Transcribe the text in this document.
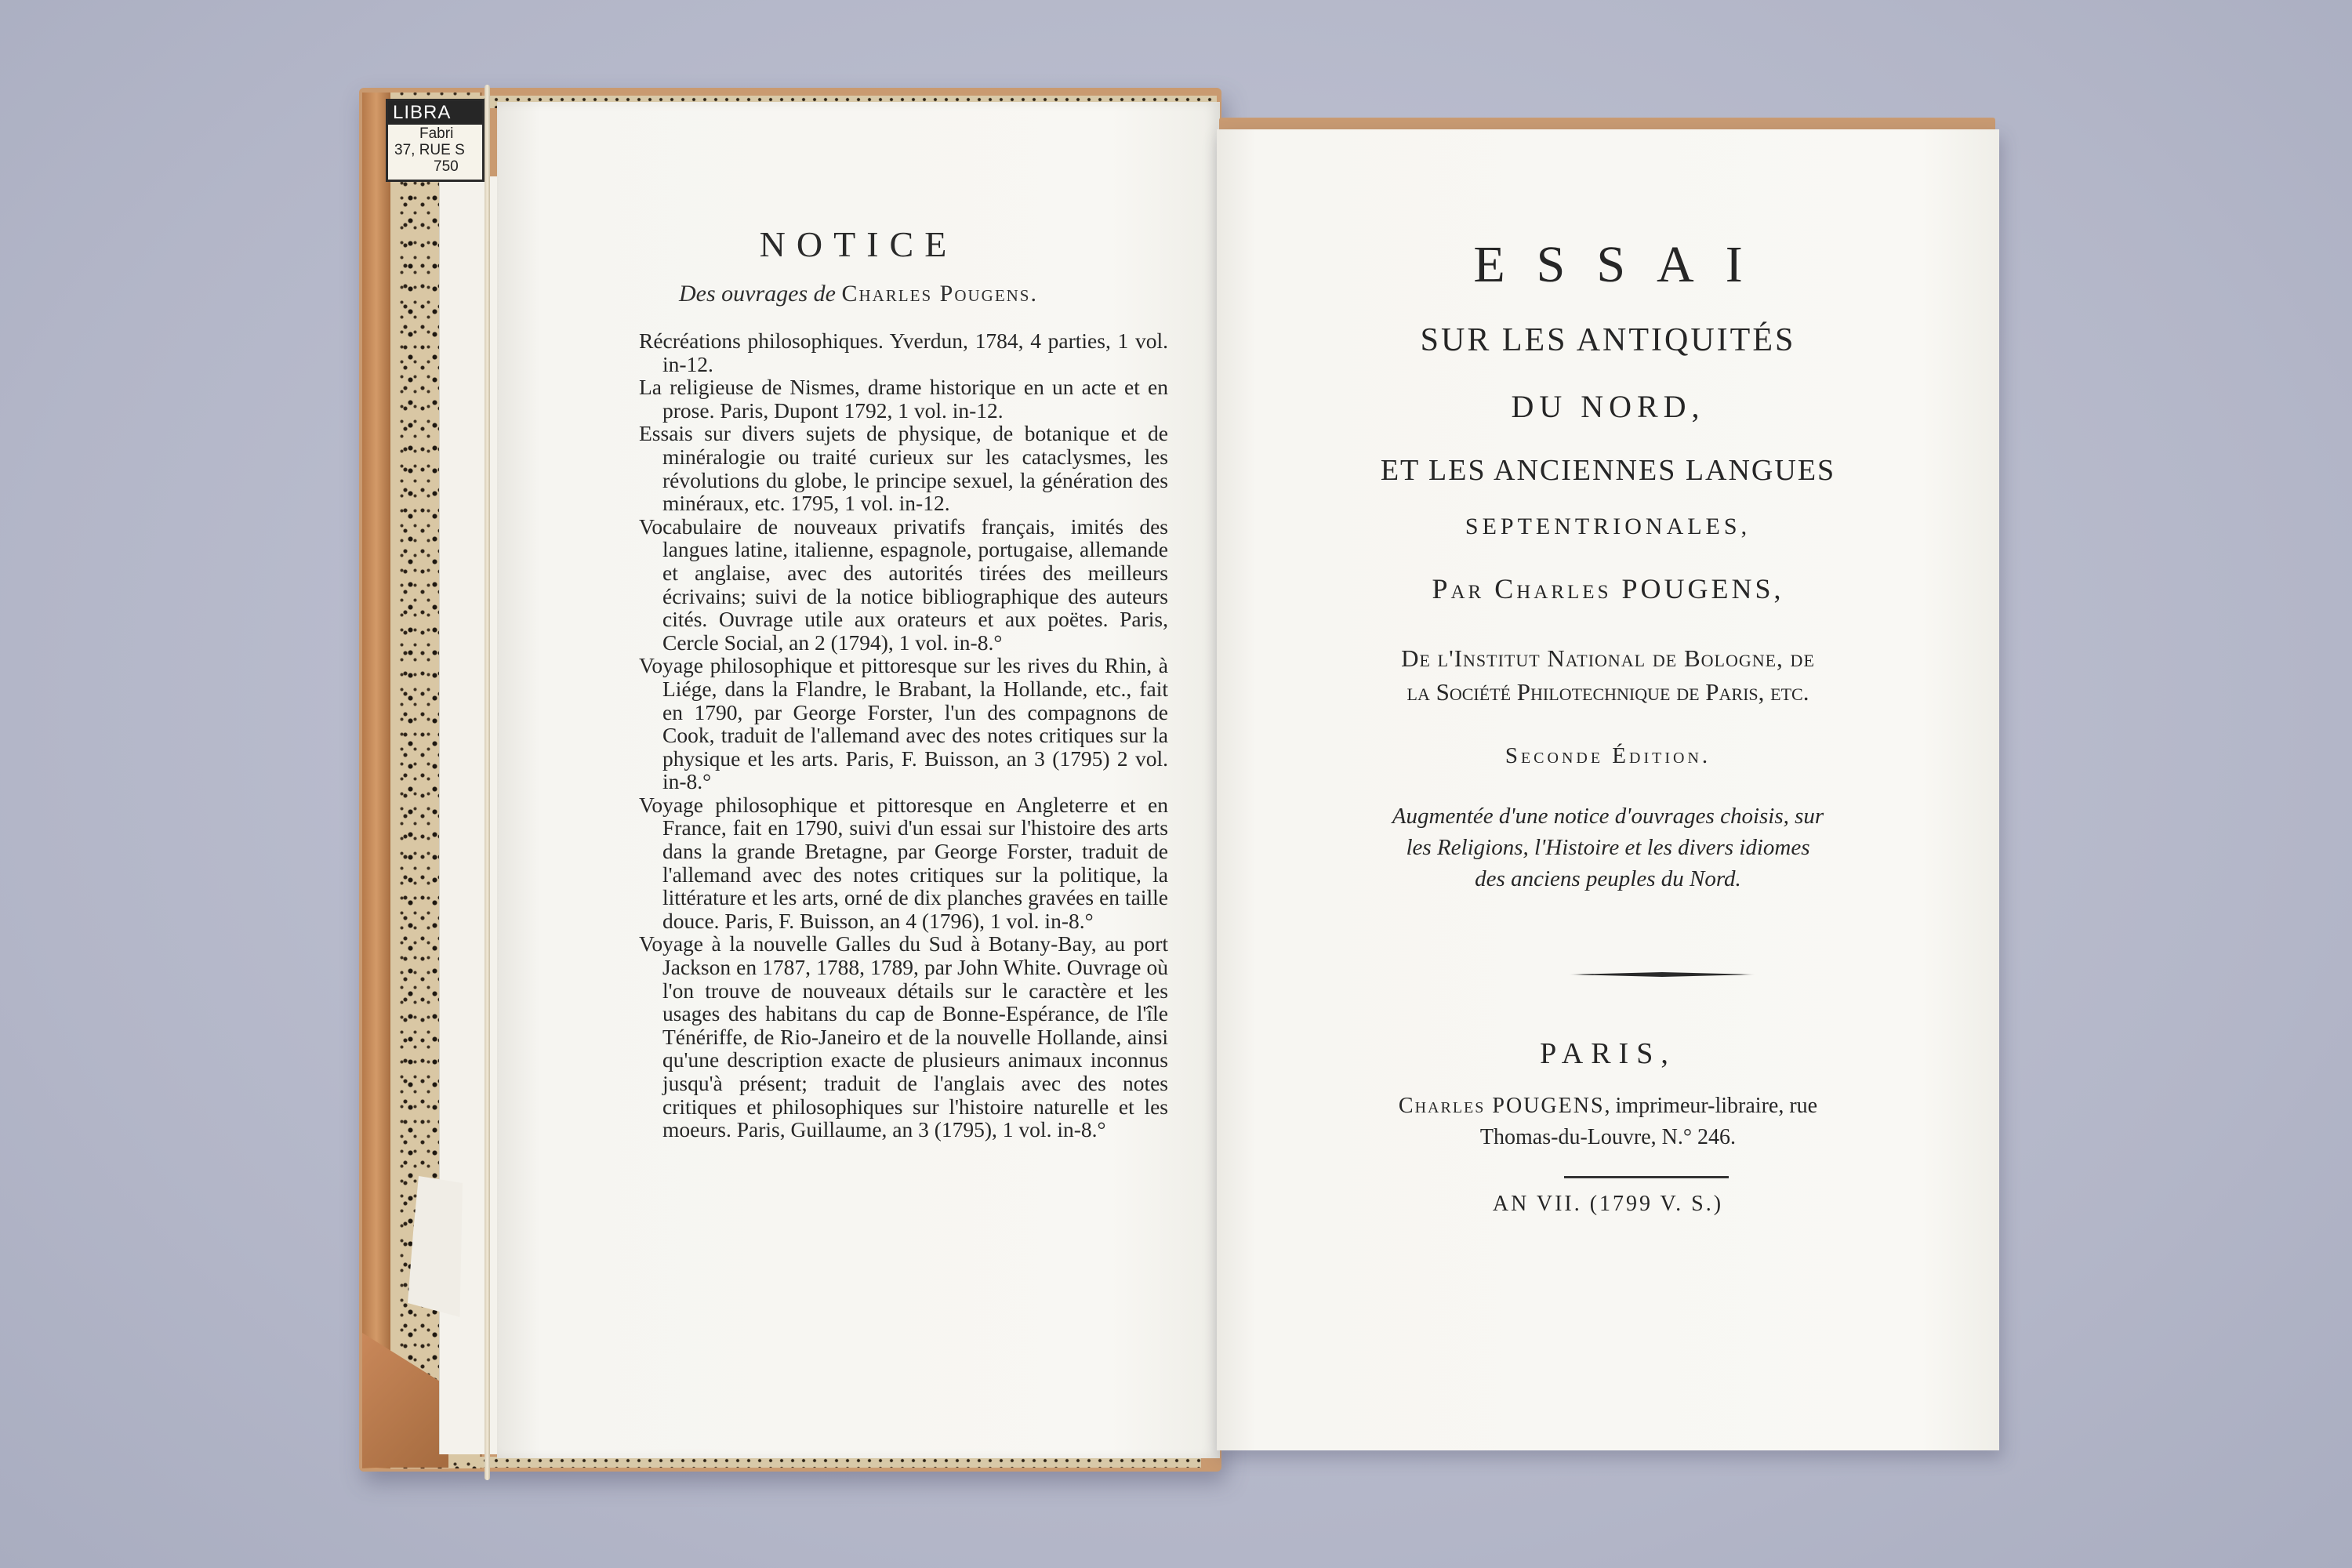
LIBRA
Fabri
37, RUE S
750
NOTICE
Des ouvrages de Charles Pougens.
Récréations philosophiques. Yverdun, 1784, 4 parties, 1 vol. in-12.
La religieuse de Nismes, drame historique en un acte et en prose. Paris, Dupont 1792, 1 vol. in-12.
Essais sur divers sujets de physique, de botanique et de minéralogie ou traité curieux sur les cataclysmes, les révolutions du globe, le principe sexuel, la génération des minéraux, etc. 1795, 1 vol. in-12.
Vocabulaire de nouveaux privatifs français, imités des langues latine, italienne, espagnole, portugaise, allemande et anglaise, avec des autorités tirées des meilleurs écrivains; suivi de la notice bibliographique des auteurs cités. Ouvrage utile aux orateurs et aux poëtes. Paris, Cercle Social, an 2 (1794), 1 vol. in-8.°
Voyage philosophique et pittoresque sur les rives du Rhin, à Liége, dans la Flandre, le Brabant, la Hollande, etc., fait en 1790, par George Forster, l'un des compagnons de Cook, traduit de l'allemand avec des notes critiques sur la physique et les arts. Paris, F. Buisson, an 3 (1795) 2 vol. in-8.°
Voyage philosophique et pittoresque en Angleterre et en France, fait en 1790, suivi d'un essai sur l'histoire des arts dans la grande Bretagne, par George Forster, traduit de l'allemand avec des notes critiques sur la politique, la littérature et les arts, orné de dix planches gravées en taille douce. Paris, F. Buisson, an 4 (1796), 1 vol. in-8.°
Voyage à la nouvelle Galles du Sud à Botany-Bay, au port Jackson en 1787, 1788, 1789, par John White. Ouvrage où l'on trouve de nouveaux détails sur le caractère et les usages des habitans du cap de Bonne-Espérance, de l'île Ténériffe, de Rio-Janeiro et de la nouvelle Hollande, ainsi qu'une description exacte de plusieurs animaux inconnus jusqu'à présent; traduit de l'anglais avec des notes critiques et philosophiques sur l'histoire naturelle et les moeurs. Paris, Guillaume, an 3 (1795), 1 vol. in-8.°

ESSAI

SUR LES ANTIQUITÉS

DU NORD,

ET LES ANCIENNES LANGUES

SEPTENTRIONALES,

Par Charles POUGENS,

De l'Institut National de Bologne, de

la Société Philotechnique de Paris, etc.

Seconde Édition.

Augmentée d'une notice d'ouvrages choisis, sur

les Religions, l'Histoire et les divers idiomes

des anciens peuples du Nord.

PARIS,

Charles POUGENS, imprimeur-libraire, rue

Thomas-du-Louvre, N.° 246.

AN VII. (1799 V. S.)
